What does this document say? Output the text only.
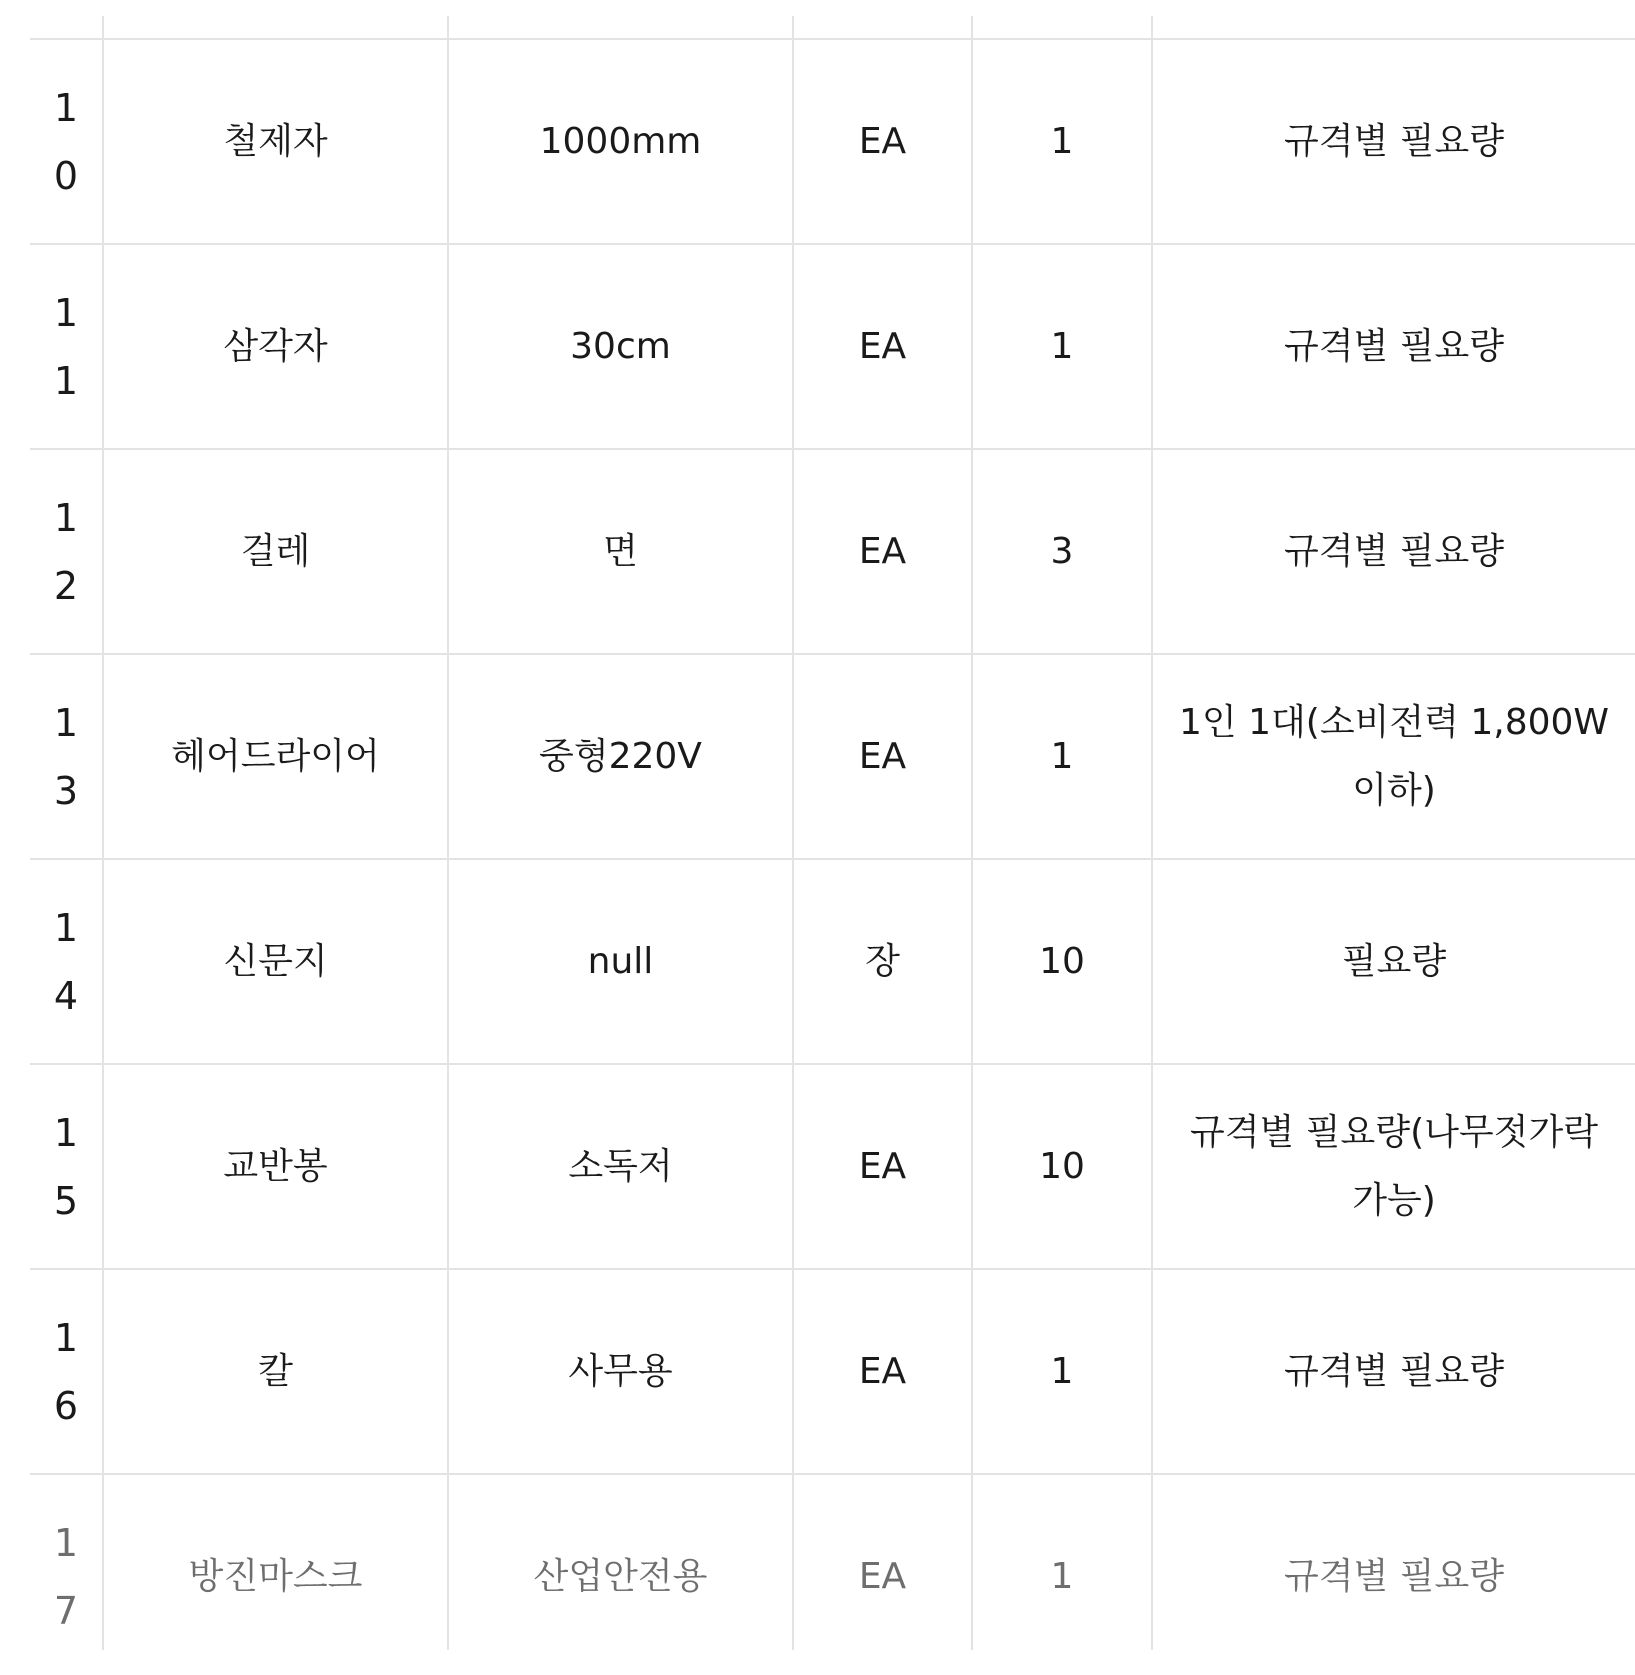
10	철제자	1000mm	EA	1	규격별 필요량
11	삼각자	30cm	EA	1	규격별 필요량
12	걸레	면	EA	3	규격별 필요량
13	헤어드라이어	중형220V	EA	1	1인 1대(소비전력 1,800W 이하)
14	신문지	null	장	10	필요량
15	교반봉	소독저	EA	10	규격별 필요량(나무젓가락 가능)
16	칼	사무용	EA	1	규격별 필요량
17	방진마스크	산업안전용	EA	1	규격별 필요량
